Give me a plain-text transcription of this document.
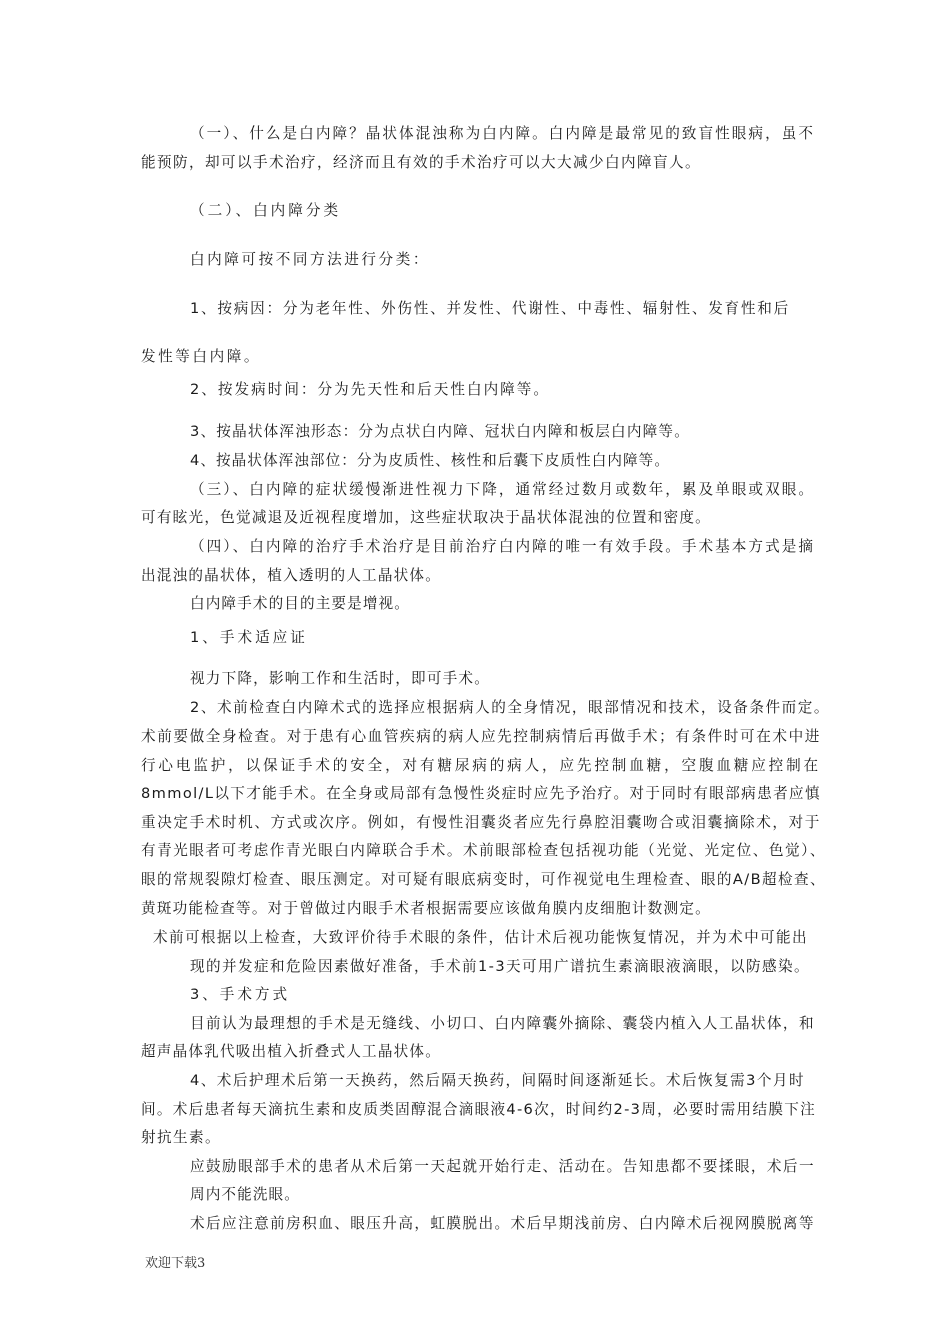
（一）、什么是白内障？晶状体混浊称为白内障。白内障是最常见的致盲性眼病，虽不

能预防，却可以手术治疗，经济而且有效的手术治疗可以大大减少白内障盲人。

（二）、白内障分类

白内障可按不同方法进行分类：

1、按病因：分为老年性、外伤性、并发性、代谢性、中毒性、辐射性、发育性和后

发性等白内障。

2、按发病时间：分为先天性和后天性白内障等。

3、按晶状体浑浊形态：分为点状白内障、冠状白内障和板层白内障等。

4、按晶状体浑浊部位：分为皮质性、核性和后囊下皮质性白内障等。

（三）、白内障的症状缓慢渐进性视力下降，通常经过数月或数年，累及单眼或双眼。

可有眩光，色觉减退及近视程度增加，这些症状取决于晶状体混浊的位置和密度。

（四）、白内障的治疗手术治疗是目前治疗白内障的唯一有效手段。手术基本方式是摘

出混浊的晶状体，植入透明的人工晶状体。

白内障手术的目的主要是增视。

1、手术适应证

视力下降，影响工作和生活时，即可手术。

2、术前检查白内障术式的选择应根据病人的全身情况，眼部情况和技术，设备条件而定。

术前要做全身检查。对于患有心血管疾病的病人应先控制病情后再做手术；有条件时可在术中进

行心电监护，以保证手术的安全，对有糖尿病的病人，应先控制血糖，空腹血糖应控制在

8mmol/L以下才能手术。在全身或局部有急慢性炎症时应先予治疗。对于同时有眼部病患者应慎

重决定手术时机、方式或次序。例如，有慢性泪囊炎者应先行鼻腔泪囊吻合或泪囊摘除术，对于

有青光眼者可考虑作青光眼白内障联合手术。术前眼部检查包括视功能（光觉、光定位、色觉）、

眼的常规裂隙灯检查、眼压测定。对可疑有眼底病变时，可作视觉电生理检查、眼的A/B超检查、

黄斑功能检查等。对于曾做过内眼手术者根据需要应该做角膜内皮细胞计数测定。

术前可根据以上检查，大致评价待手术眼的条件，估计术后视功能恢复情况，并为术中可能出

现的并发症和危险因素做好准备，手术前1-3天可用广谱抗生素滴眼液滴眼，以防感染。

3、手术方式

目前认为最理想的手术是无缝线、小切口、白内障囊外摘除、囊袋内植入人工晶状体，和

超声晶体乳代吸出植入折叠式人工晶状体。

4、术后护理术后第一天换药，然后隔天换药，间隔时间逐渐延长。术后恢复需3个月时

间。术后患者每天滴抗生素和皮质类固醇混合滴眼液4-6次，时间约2-3周，必要时需用结膜下注

射抗生素。

应鼓励眼部手术的患者从术后第一天起就开始行走、活动在。告知患都不要揉眼，术后一

周内不能洗眼。

术后应注意前房积血、眼压升高，虹膜脱出。术后早期浅前房、白内障术后视网膜脱离等

欢迎下载3
